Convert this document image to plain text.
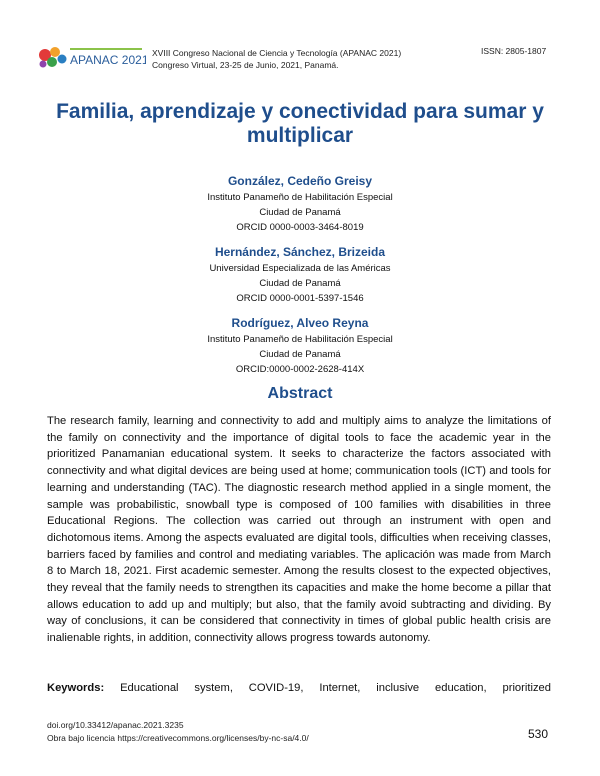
APANAC 2021 XVIII Congreso Nacional de Ciencia y Tecnología (APANAC 2021)
Congreso Virtual, 23-25 de Junio, 2021, Panamá.
ISSN: 2805-1807
Familia, aprendizaje y conectividad para sumar y multiplicar
González, Cedeño Greisy
Instituto Panameño de Habilitación Especial
Ciudad de Panamá
ORCID 0000-0003-3464-8019
Hernández, Sánchez, Brizeida
Universidad Especializada de las Américas
Ciudad de Panamá
ORCID 0000-0001-5397-1546
Rodríguez, Alveo Reyna
Instituto Panameño de Habilitación Especial
Ciudad de Panamá
ORCID:0000-0002-2628-414X
Abstract
The research family, learning and connectivity to add and multiply aims to analyze the limitations of the family on connectivity and the importance of digital tools to face the academic year in the prioritized Panamanian educational system. It seeks to characterize the factors associated with connectivity and what digital devices are being used at home; communication tools (ICT) and tools for learning and understanding (TAC). The diagnostic research method applied in a single moment, the sample was probabilistic, snowball type is composed of 100 families with disabilities in three Educational Regions. The collection was carried out through an instrument with open and dichotomous items. Among the aspects evaluated are digital tools, difficulties when receiving classes, barriers faced by families and control and mediating variables. The aplicación was made from March 8 to March 18, 2021. First academic semester. Among the results closest to the expected objectives, they reveal that the family needs to strengthen its capacities and make the home become a pillar that allows education to add up and multiply; but also, that the family avoid subtracting and dividing. By way of conclusions, it can be considered that connectivity in times of global public health crisis are inalienable rights, in addition, connectivity allows progress towards autonomy.
Keywords: Educational system, COVID-19, Internet, inclusive education, prioritized
doi.org/10.33412/apanac.2021.3235
Obra bajo licencia https://creativecommons.org/licenses/by-nc-sa/4.0/	530
